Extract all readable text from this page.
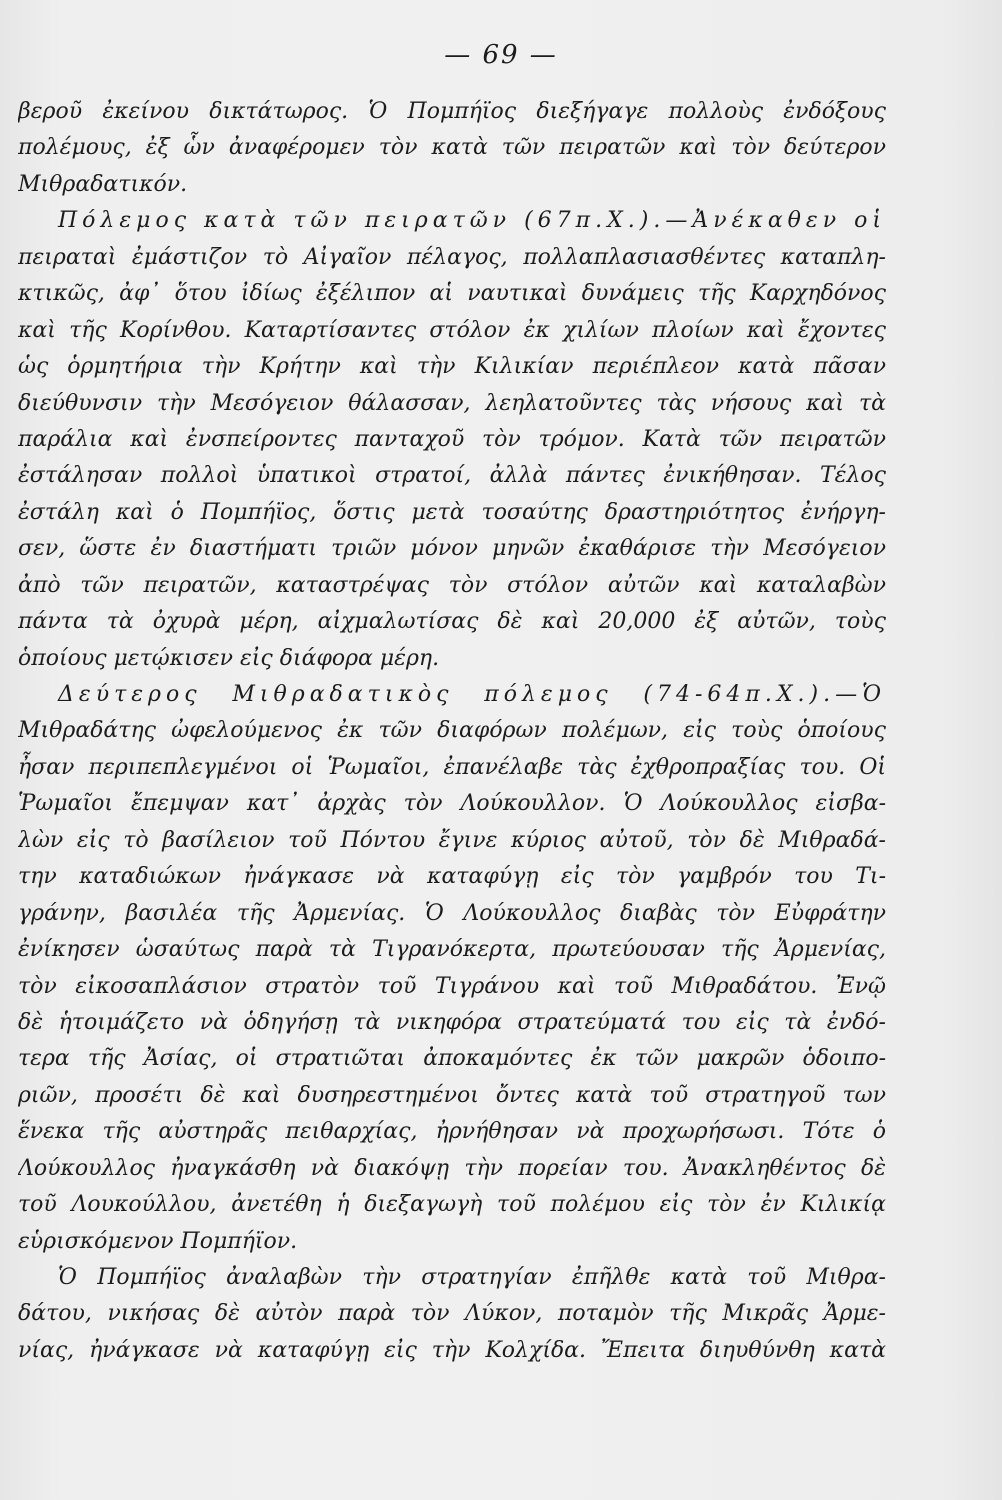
— 69 —
βεροῦ ἐκείνου δικτάτωρος. Ὁ Πομπήϊος διεξήγαγε πολλοὺς ἐνδόξους
πολέμους, ἐξ ὧν ἀναφέρομεν τὸν κατὰ τῶν πειρατῶν καὶ τὸν δεύτερον
Μιθραδατικόν.
Πόλεμος κατὰ τῶν πειρατῶν (67π.Χ.).—Ἀνέκαθεν οἱ
πειραταὶ ἐμάστιζον τὸ Αἰγαῖον πέλαγος, πολλαπλασιασθέντες καταπλη-
κτικῶς, ἀφ᾽ ὅτου ἰδίως ἐξέλιπον αἱ ναυτικαὶ δυνάμεις τῆς Καρχηδόνος
καὶ τῆς Κορίνθου. Καταρτίσαντες στόλον ἐκ χιλίων πλοίων καὶ ἔχοντες
ὡς ὁρμητήρια τὴν Κρήτην καὶ τὴν Κιλικίαν περιέπλεον κατὰ πᾶσαν
διεύθυνσιν τὴν Μεσόγειον θάλασσαν, λεηλατοῦντες τὰς νήσους καὶ τὰ
παράλια καὶ ἐνσπείροντες πανταχοῦ τὸν τρόμον. Κατὰ τῶν πειρατῶν
ἐστάλησαν πολλοὶ ὑπατικοὶ στρατοί, ἀλλὰ πάντες ἐνικήθησαν. Τέλος
ἐστάλη καὶ ὁ Πομπήϊος, ὅστις μετὰ τοσαύτης δραστηριότητος ἐνήργη-
σεν, ὥστε ἐν διαστήματι τριῶν μόνον μηνῶν ἐκαθάρισε τὴν Μεσόγειον
ἀπὸ τῶν πειρατῶν, καταστρέψας τὸν στόλον αὐτῶν καὶ καταλαβὼν
πάντα τὰ ὀχυρὰ μέρη, αἰχμαλωτίσας δὲ καὶ 20,000 ἐξ αὐτῶν, τοὺς
ὁποίους μετῴκισεν εἰς διάφορα μέρη.
Δεύτερος Μιθραδατικὸς πόλεμος (74-64π.Χ.).—Ὁ
Μιθραδάτης ὠφελούμενος ἐκ τῶν διαφόρων πολέμων, εἰς τοὺς ὁποίους
ἦσαν περιπεπλεγμένοι οἱ Ῥωμαῖοι, ἐπανέλαβε τὰς ἐχθροπραξίας του. Οἱ
Ῥωμαῖοι ἔπεμψαν κατ᾽ ἀρχὰς τὸν Λούκουλλον. Ὁ Λούκουλλος εἰσβα-
λὼν εἰς τὸ βασίλειον τοῦ Πόντου ἔγινε κύριος αὐτοῦ, τὸν δὲ Μιθραδά-
την καταδιώκων ἠνάγκασε νὰ καταφύγῃ εἰς τὸν γαμβρόν του Τι-
γράνην, βασιλέα τῆς Ἀρμενίας. Ὁ Λούκουλλος διαβὰς τὸν Εὐφράτην
ἐνίκησεν ὡσαύτως παρὰ τὰ Τιγρανόκερτα, πρωτεύουσαν τῆς Ἀρμενίας,
τὸν εἰκοσαπλάσιον στρατὸν τοῦ Τιγράνου καὶ τοῦ Μιθραδάτου. Ἐνῷ
δὲ ἡτοιμάζετο νὰ ὁδηγήσῃ τὰ νικηφόρα στρατεύματά του εἰς τὰ ἐνδό-
τερα τῆς Ἀσίας, οἱ στρατιῶται ἀποκαμόντες ἐκ τῶν μακρῶν ὁδοιπο-
ριῶν, προσέτι δὲ καὶ δυσηρεστημένοι ὄντες κατὰ τοῦ στρατηγοῦ των
ἕνεκα τῆς αὐστηρᾶς πειθαρχίας, ἠρνήθησαν νὰ προχωρήσωσι. Τότε ὁ
Λούκουλλος ἠναγκάσθη νὰ διακόψῃ τὴν πορείαν του. Ἀνακληθέντος δὲ
τοῦ Λουκούλλου, ἀνετέθη ἡ διεξαγωγὴ τοῦ πολέμου εἰς τὸν ἐν Κιλικίᾳ
εὑρισκόμενον Πομπήϊον.
Ὁ Πομπήϊος ἀναλαβὼν τὴν στρατηγίαν ἐπῆλθε κατὰ τοῦ Μιθρα-
δάτου, νικήσας δὲ αὐτὸν παρὰ τὸν Λύκον, ποταμὸν τῆς Μικρᾶς Ἀρμε-
νίας, ἠνάγκασε νὰ καταφύγῃ εἰς τὴν Κολχίδα. Ἔπειτα διηυθύνθη κατὰ
